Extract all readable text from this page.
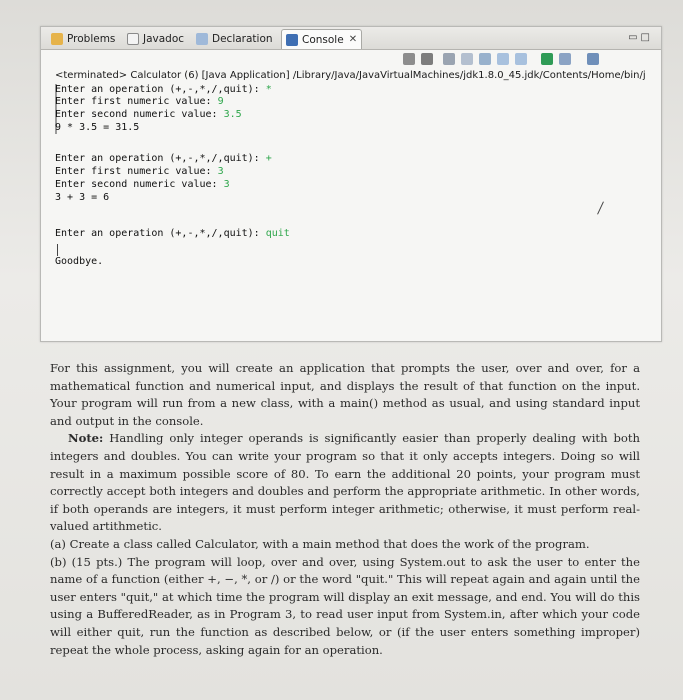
Problems	Javadoc	Declaration	Console ✕	▭□
<terminated> Calculator (6) [Java Application] /Library/Java/JavaVirtualMachines/jdk1.8.0_45.jdk/Contents/Home/bin/j
Enter an operation (+,-,*,/,quit): *
Enter first numeric value: 9
Enter second numeric value: 3.5
9 * 3.5 = 31.5
Enter an operation (+,-,*,/,quit): +
Enter first numeric value: 3
Enter second numeric value: 3
3 + 3 = 6
Enter an operation (+,-,*,/,quit): quit
Goodbye.

For this assignment, you will create an application that prompts the user, over and over, for a mathematical function and numerical input, and displays the result of that function on the input. Your program will run from a new class, with a main() method as usual, and using standard input and output in the console.

Note: Handling only integer operands is significantly easier than properly dealing with both integers and doubles. You can write your program so that it only accepts integers. Doing so will result in a maximum possible score of 80. To earn the additional 20 points, your program must correctly accept both integers and doubles and perform the appropriate arithmetic. In other words, if both operands are integers, it must perform integer arithmetic; otherwise, it must perform real-valued artithmetic.

(a) Create a class called Calculator, with a main method that does the work of the program.

(b) (15 pts.) The program will loop, over and over, using System.out to ask the user to enter the name of a function (either +, −, *, or /) or the word "quit." This will repeat again and again until the user enters "quit," at which time the program will display an exit message, and end. You will do this using a BufferedReader, as in Program 3, to read user input from System.in, after which your code will either quit, run the function as described below, or (if the user enters something improper) repeat the whole process, asking again for an operation.
